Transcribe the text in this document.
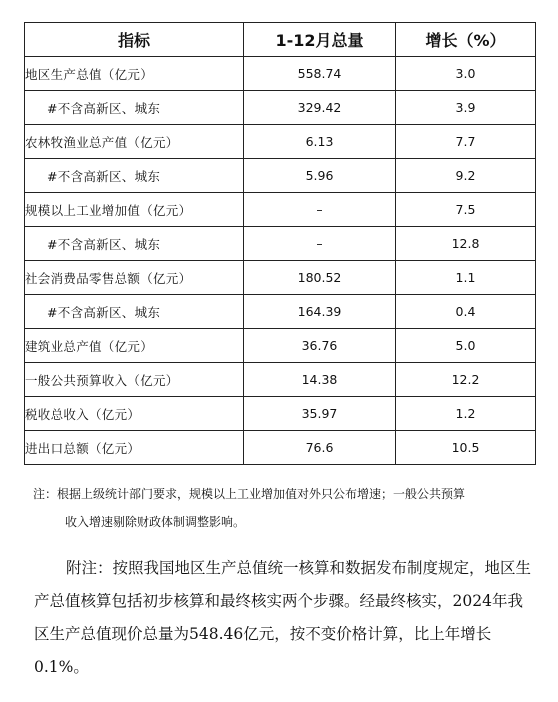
指标	1-12月总量	增长（%）
地区生产总值（亿元）	558.74	3.0
#不含高新区、城东	329.42	3.9
农林牧渔业总产值（亿元）	6.13	7.7
#不含高新区、城东	5.96	9.2
规模以上工业增加值（亿元）	–	7.5
#不含高新区、城东	–	12.8
社会消费品零售总额（亿元）	180.52	1.1
#不含高新区、城东	164.39	0.4
建筑业总产值（亿元）	36.76	5.0
一般公共预算收入（亿元）	14.38	12.2
税收总收入（亿元）	35.97	1.2
进出口总额（亿元）	76.6	10.5
注：根据上级统计部门要求，规模以上工业增加值对外只公布增速；一般公共预算
收入增速剔除财政体制调整影响。

附注：按照我国地区生产总值统一核算和数据发布制度规定，地区生产总值核算包括初步核算和最终核实两个步骤。经最终核实，2024年我区生产总值现价总量为548.46亿元，按不变价格计算，比上年增长0.1%。
